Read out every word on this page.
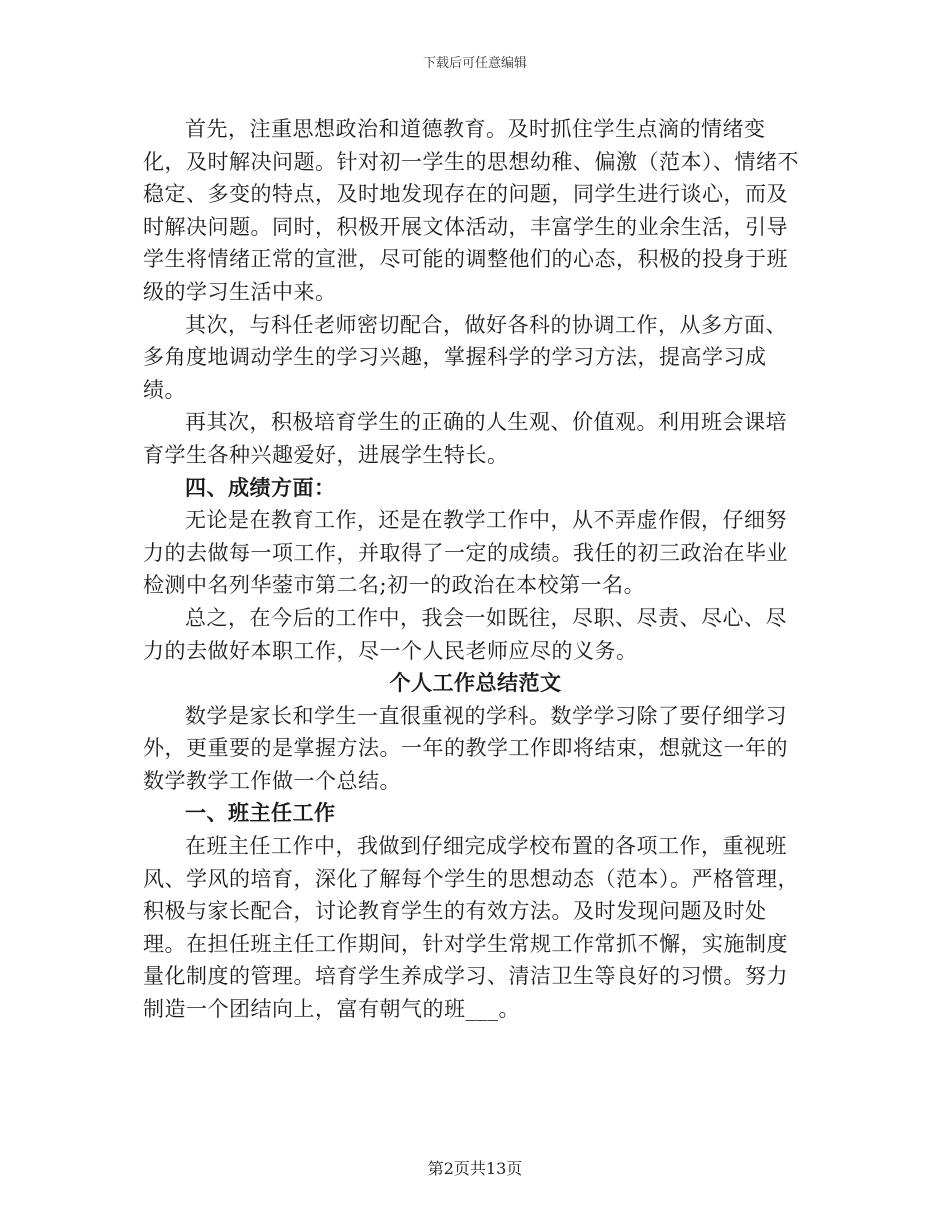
下载后可任意编辑

首先，注重思想政治和道德教育。及时抓住学生点滴的情绪变化，及时解决问题。针对初一学生的思想幼稚、偏激（范本）、情绪不稳定、多变的特点，及时地发现存在的问题，同学生进行谈心，而及时解决问题。同时，积极开展文体活动，丰富学生的业余生活，引导学生将情绪正常的宣泄，尽可能的调整他们的心态，积极的投身于班级的学习生活中来。

其次，与科任老师密切配合，做好各科的协调工作，从多方面、多角度地调动学生的学习兴趣，掌握科学的学习方法，提高学习成绩。

再其次，积极培育学生的正确的人生观、价值观。利用班会课培育学生各种兴趣爱好，进展学生特长。

四、成绩方面：

无论是在教育工作，还是在教学工作中，从不弄虚作假，仔细努力的去做每一项工作，并取得了一定的成绩。我任的初三政治在毕业检测中名列华蓥市第二名;初一的政治在本校第一名。

总之，在今后的工作中，我会一如既往，尽职、尽责、尽心、尽力的去做好本职工作，尽一个人民老师应尽的义务。

个人工作总结范文

数学是家长和学生一直很重视的学科。数学学习除了要仔细学习外，更重要的是掌握方法。一年的教学工作即将结束，想就这一年的数学教学工作做一个总结。

一、班主任工作

在班主任工作中，我做到仔细完成学校布置的各项工作，重视班风、学风的培育，深化了解每个学生的思想动态（范本）。严格管理，积极与家长配合，讨论教育学生的有效方法。及时发现问题及时处理。在担任班主任工作期间，针对学生常规工作常抓不懈，实施制度量化制度的管理。培育学生养成学习、清洁卫生等良好的习惯。努力制造一个团结向上，富有朝气的班___。

第2页共13页
